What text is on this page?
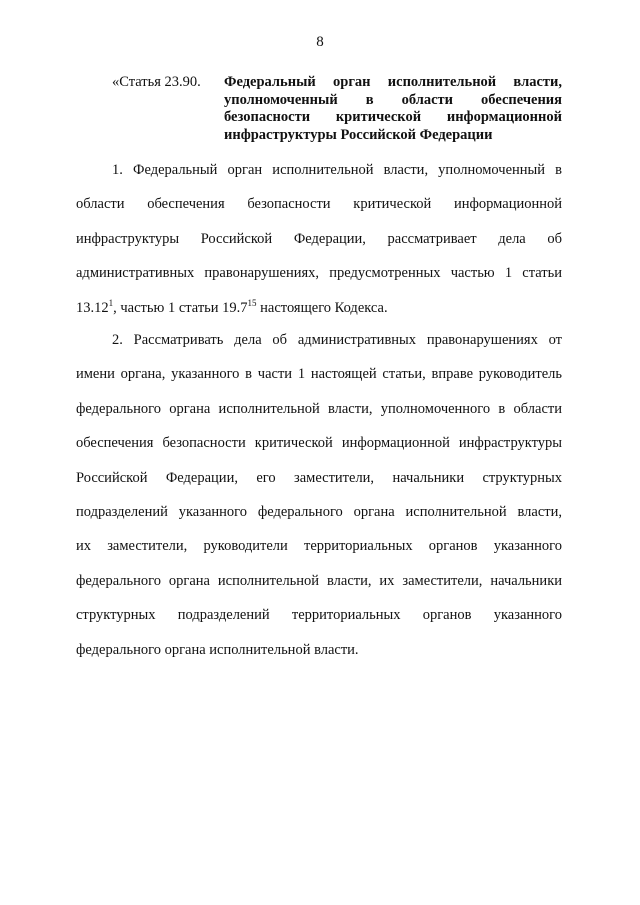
8
«Статья 23.90.	Федеральный орган исполнительной власти,
уполномоченный в области обеспечения
безопасности критической информационной
инфраструктуры Российской Федерации
1. Федеральный орган исполнительной власти, уполномоченный в
области обеспечения безопасности критической информационной
инфраструктуры Российской Федерации, рассматривает дела об
административных правонарушениях, предусмотренных частью 1 статьи
13.12$^1$, частью 1 статьи 19.7$^{15}$ настоящего Кодекса.
2. Рассматривать дела об административных правонарушениях от
имени органа, указанного в части 1 настоящей статьи, вправе руководитель
федерального органа исполнительной власти, уполномоченного в области
обеспечения безопасности критической информационной инфраструктуры
Российской Федерации, его заместители, начальники структурных
подразделений указанного федерального органа исполнительной власти,
их заместители, руководители территориальных органов указанного
федерального органа исполнительной власти, их заместители, начальники
структурных подразделений территориальных органов указанного
федерального органа исполнительной власти.
